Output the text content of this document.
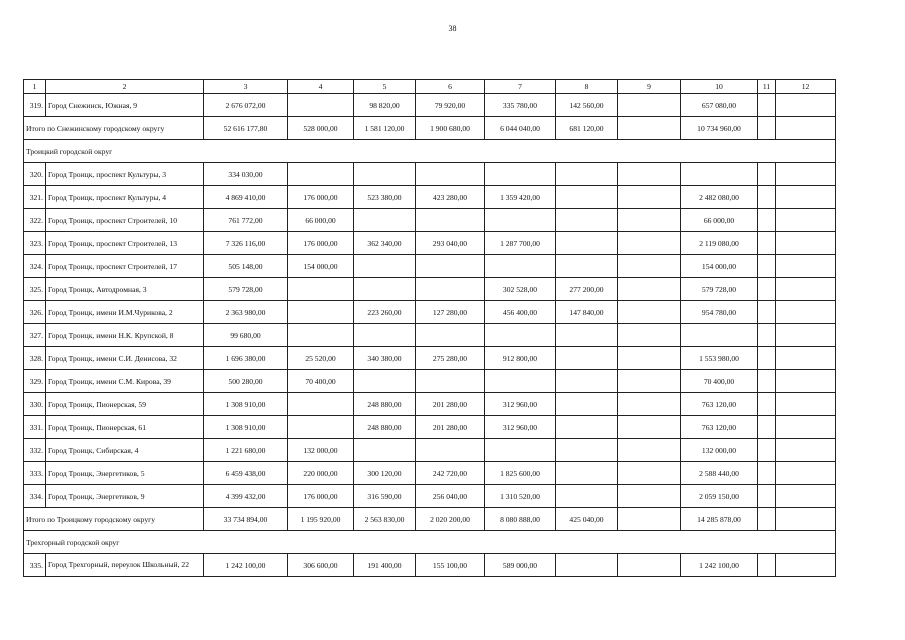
38
1	2	3	4	5	6	7	8	9	10	11	12
319.	Город Снежинск, Южная, 9	2 676 072,00		98 820,00	79 920,00	335 780,00	142 560,00		657 080,00		
Итого по Снежинскому городскому округу		52 616 177,80	528 000,00	1 581 120,00	1 900 680,00	6 044 040,00	681 120,00		10 734 960,00		
Троицкий городской округ											
320.	Город Троицк, проспект Культуры, 3	334 030,00									
321.	Город Троицк, проспект Культуры, 4	4 869 410,00	176 000,00	523 380,00	423 280,00	1 359 420,00			2 482 080,00		
322.	Город Троицк, проспект Строителей, 10	761 772,00	66 000,00						66 000,00		
323.	Город Троицк, проспект Строителей, 13	7 326 116,00	176 000,00	362 340,00	293 040,00	1 287 700,00			2 119 080,00		
324.	Город Троицк, проспект Строителей, 17	505 148,00	154 000,00						154 000,00		
325.	Город Троицк, Автодромная, 3	579 728,00				302 528,00	277 200,00		579 728,00		
326.	Город Троицк, имени И.М.Чурикова, 2	2 363 980,00		223 260,00	127 280,00	456 400,00	147 840,00		954 780,00		
327.	Город Троицк, имени Н.К. Крупской, 8	99 680,00									
328.	Город Троицк, имени С.И. Денисова, 32	1 696 380,00	25 520,00	340 380,00	275 280,00	912 800,00			1 553 980,00		
329.	Город Троицк, имени С.М. Кирова, 39	500 280,00	70 400,00						70 400,00		
330.	Город Троицк, Пионерская, 59	1 308 910,00		248 880,00	201 280,00	312 960,00			763 120,00		
331.	Город Троицк, Пионерская, 61	1 308 910,00		248 880,00	201 280,00	312 960,00			763 120,00		
332.	Город Троицк, Сибирская, 4	1 221 680,00	132 000,00						132 000,00		
333.	Город Троицк, Энергетиков, 5	6 459 438,00	220 000,00	300 120,00	242 720,00	1 825 600,00			2 588 440,00		
334.	Город Троицк, Энергетиков, 9	4 399 432,00	176 000,00	316 590,00	256 040,00	1 310 520,00			2 059 150,00		
Итого по Троицкому городскому округу		33 734 894,00	1 195 920,00	2 563 830,00	2 020 200,00	8 080 888,00	425 040,00		14 285 878,00		
Трехгорный городской округ											
335.	Город Трехгорный, переулок Школьный, 22	1 242 100,00	306 600,00	191 400,00	155 100,00	589 000,00			1 242 100,00		
